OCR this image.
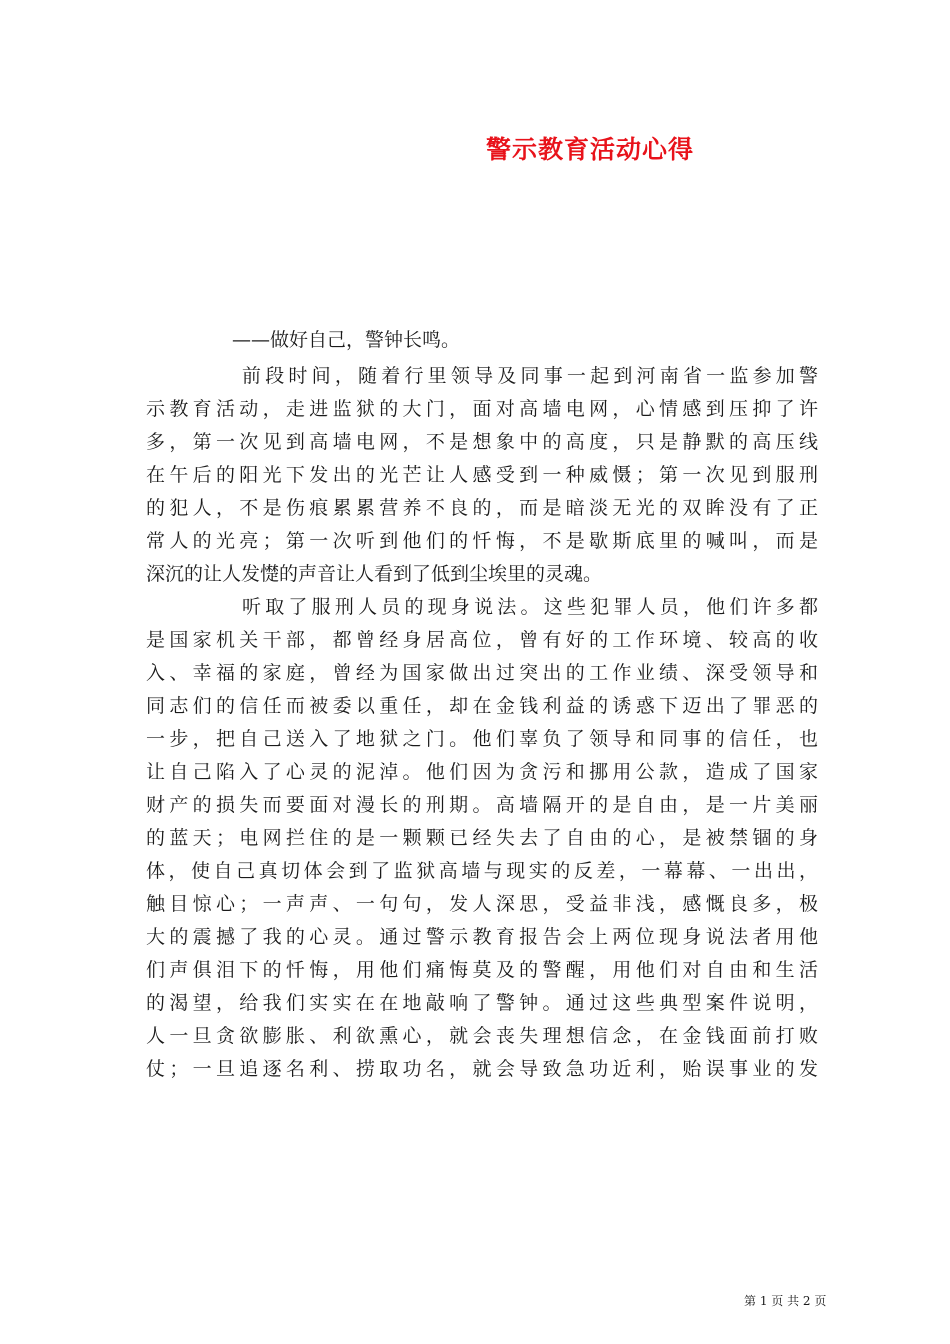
警示教育活动心得
——做好自己，警钟长鸣。
前段时间，随着行里领导及同事一起到河南省一监参加警
示教育活动，走进监狱的大门，面对高墙电网，心情感到压抑了许
多，第一次见到高墙电网，不是想象中的高度，只是静默的高压线
在午后的阳光下发出的光芒让人感受到一种威慑；第一次见到服刑
的犯人，不是伤痕累累营养不良的，而是暗淡无光的双眸没有了正
常人的光亮；第一次听到他们的忏悔，不是歇斯底里的喊叫，而是
深沉的让人发憷的声音让人看到了低到尘埃里的灵魂。
听取了服刑人员的现身说法。这些犯罪人员，他们许多都
是国家机关干部，都曾经身居高位，曾有好的工作环境、较高的收
入、幸福的家庭，曾经为国家做出过突出的工作业绩、深受领导和
同志们的信任而被委以重任，却在金钱利益的诱惑下迈出了罪恶的
一步，把自己送入了地狱之门。他们辜负了领导和同事的信任，也
让自己陷入了心灵的泥淖。他们因为贪污和挪用公款，造成了国家
财产的损失而要面对漫长的刑期。高墙隔开的是自由，是一片美丽
的蓝天；电网拦住的是一颗颗已经失去了自由的心，是被禁锢的身
体，使自己真切体会到了监狱高墙与现实的反差，一幕幕、一出出，
触目惊心；一声声、一句句，发人深思，受益非浅，感慨良多，极
大的震撼了我的心灵。通过警示教育报告会上两位现身说法者用他
们声俱泪下的忏悔，用他们痛悔莫及的警醒，用他们对自由和生活
的渴望，给我们实实在在地敲响了警钟。通过这些典型案件说明，
人一旦贪欲膨胀、利欲熏心，就会丧失理想信念，在金钱面前打败
仗；一旦追逐名利、捞取功名，就会导致急功近利，贻误事业的发
第 1 页 共 2 页
